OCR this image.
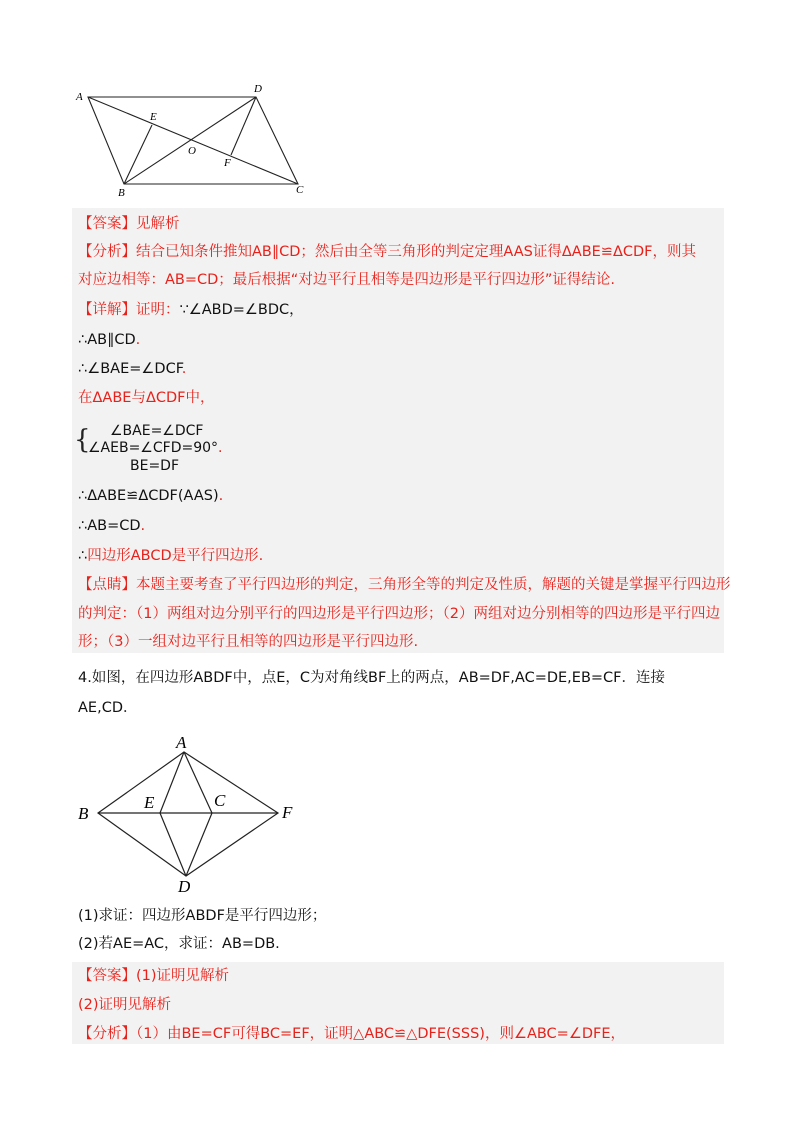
A
D
E
O
F
B	C
【答案】见解析
【分析】结合已知条件推知AB∥CD；然后由全等三角形的判定定理AAS证得ΔABE≌ΔCDF，则其
对应边相等：AB=CD；最后根据“对边平行且相等是四边形是平行四边形”证得结论.
【详解】证明：∵∠ABD=∠BDC，
∴AB∥CD.
∴∠BAE=∠DCF.
在ΔABE与ΔCDF中，
{ ∠BAE=∠DCF
∠AEB=∠CFD=90°.
BE=DF
∴ΔABE≌ΔCDF(AAS).
∴AB=CD.
∴四边形ABCD是平行四边形.
【点睛】本题主要考查了平行四边形的判定，三角形全等的判定及性质，解题的关键是掌握平行四边形
的判定：（1）两组对边分别平行的四边形是平行四边形；（2）两组对边分别相等的四边形是平行四边
形；（3）一组对边平行且相等的四边形是平行四边形.
4.如图，在四边形ABDF中，点E，C为对角线BF上的两点，AB=DF,AC=DE,EB=CF．连接
AE,CD．
A
B
E	C
F
D
(1)求证：四边形ABDF是平行四边形；
(2)若AE=AC，求证：AB=DB.
【答案】(1)证明见解析
(2)证明见解析
【分析】（1）由BE=CF可得BC=EF，证明△ABC≌△DFE(SSS)，则∠ABC=∠DFE，
